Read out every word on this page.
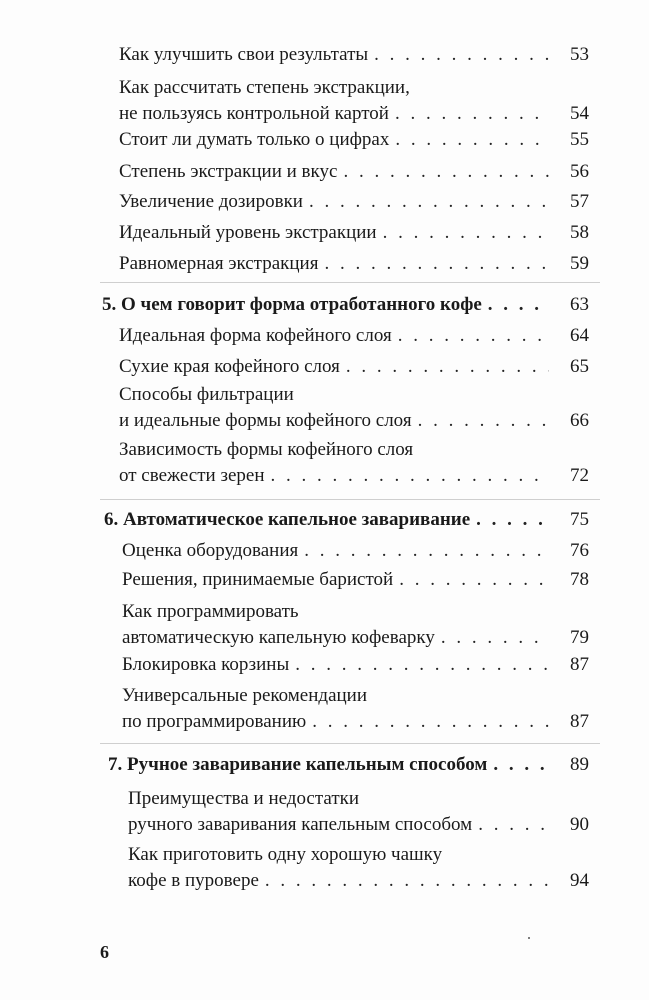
Как улучшить свои результаты . . .	53
Как рассчитать степень экстракции,
не пользуясь контрольной картой . . .	54
Стоит ли думать только о цифрах . . .	55
Степень экстракции и вкус . . .	56
Увеличение дозировки . . .	57
Идеальный уровень экстракции . . .	58
Равномерная экстракция . . .	59
5. О чем говорит форма отработанного кофе . . .	63
Идеальная форма кофейного слоя . . .	64
Сухие края кофейного слоя . . .	65
Способы фильтрации
и идеальные формы кофейного слоя . . .	66
Зависимость формы кофейного слоя
от свежести зерен . . .	72
6. Автоматическое капельное заваривание . . .	75
Оценка оборудования . . .	76
Решения, принимаемые баристой . . .	78
Как программировать
автоматическую капельную кофеварку . . .	79
Блокировка корзины . . .	87
Универсальные рекомендации
по программированию . . .	87
7. Ручное заваривание капельным способом . . .	89
Преимущества и недостатки
ручного заваривания капельным способом . . .	90
Как приготовить одну хорошую чашку
кофе в пуровере . . .	94
6
